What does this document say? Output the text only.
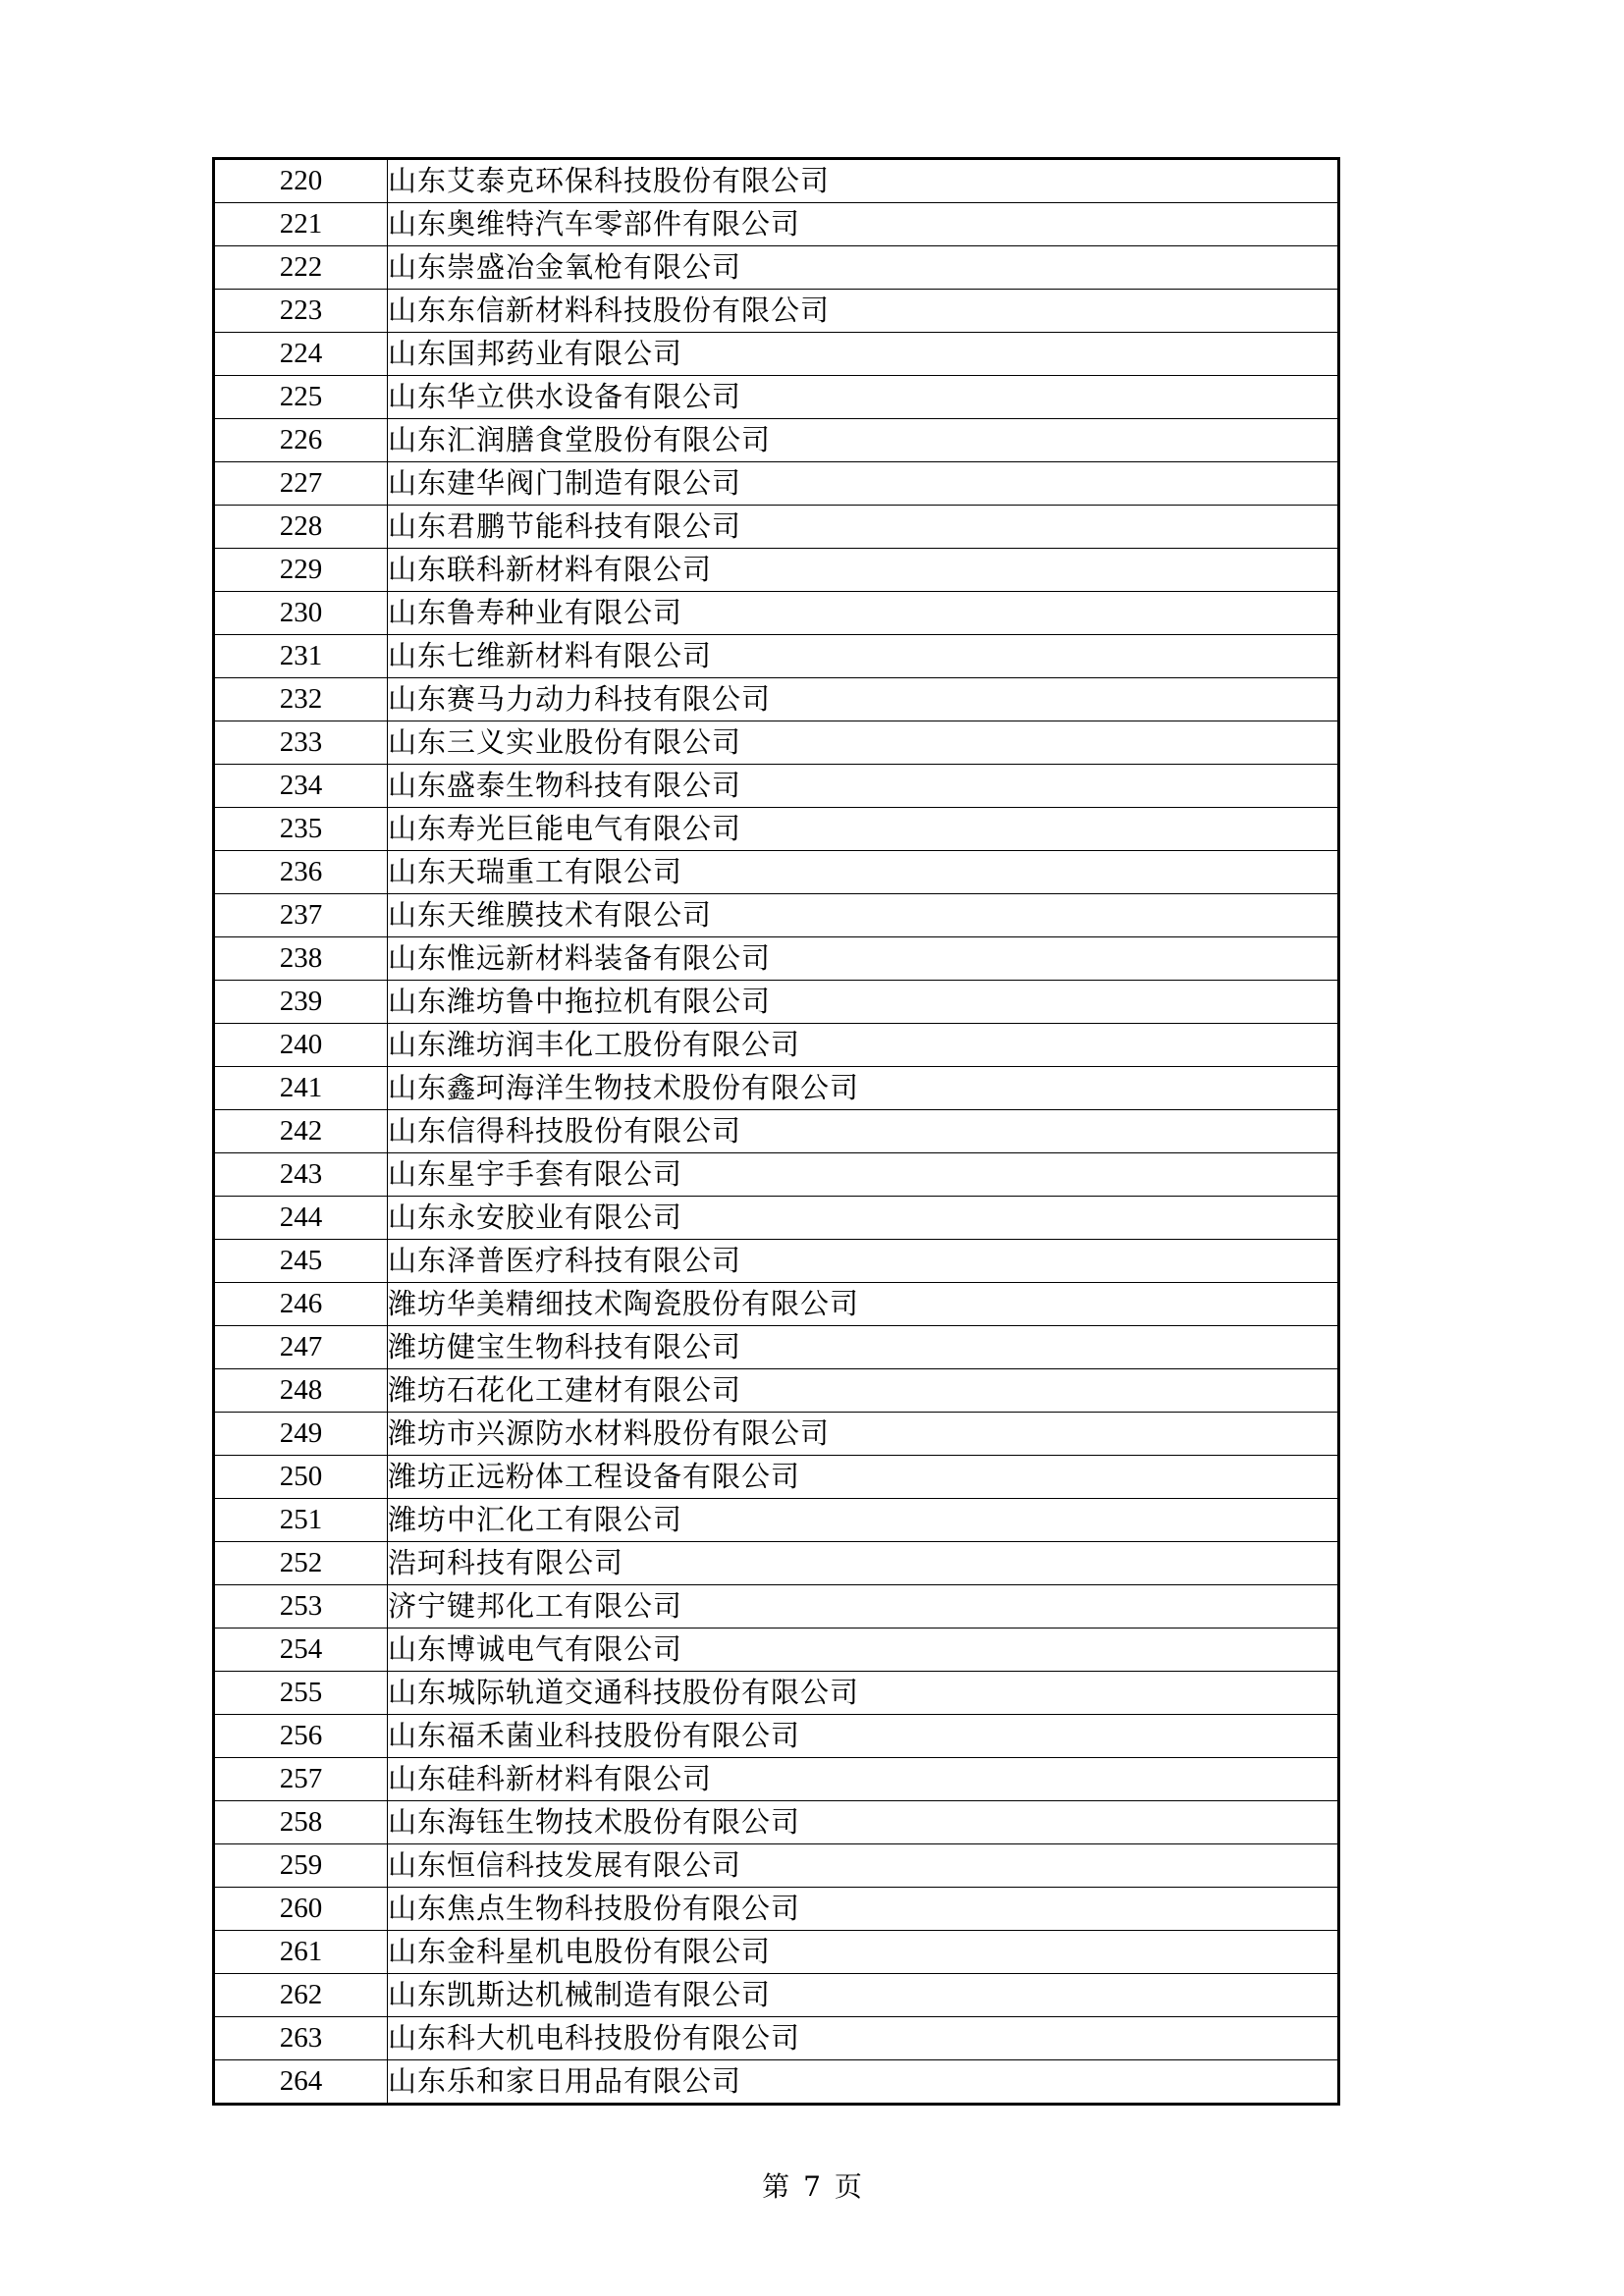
220	山东艾泰克环保科技股份有限公司
221	山东奥维特汽车零部件有限公司
222	山东崇盛冶金氧枪有限公司
223	山东东信新材料科技股份有限公司
224	山东国邦药业有限公司
225	山东华立供水设备有限公司
226	山东汇润膳食堂股份有限公司
227	山东建华阀门制造有限公司
228	山东君鹏节能科技有限公司
229	山东联科新材料有限公司
230	山东鲁寿种业有限公司
231	山东七维新材料有限公司
232	山东赛马力动力科技有限公司
233	山东三义实业股份有限公司
234	山东盛泰生物科技有限公司
235	山东寿光巨能电气有限公司
236	山东天瑞重工有限公司
237	山东天维膜技术有限公司
238	山东惟远新材料装备有限公司
239	山东潍坊鲁中拖拉机有限公司
240	山东潍坊润丰化工股份有限公司
241	山东鑫珂海洋生物技术股份有限公司
242	山东信得科技股份有限公司
243	山东星宇手套有限公司
244	山东永安胶业有限公司
245	山东泽普医疗科技有限公司
246	潍坊华美精细技术陶瓷股份有限公司
247	潍坊健宝生物科技有限公司
248	潍坊石花化工建材有限公司
249	潍坊市兴源防水材料股份有限公司
250	潍坊正远粉体工程设备有限公司
251	潍坊中汇化工有限公司
252	浩珂科技有限公司
253	济宁键邦化工有限公司
254	山东博诚电气有限公司
255	山东城际轨道交通科技股份有限公司
256	山东福禾菌业科技股份有限公司
257	山东硅科新材料有限公司
258	山东海钰生物技术股份有限公司
259	山东恒信科技发展有限公司
260	山东焦点生物科技股份有限公司
261	山东金科星机电股份有限公司
262	山东凯斯达机械制造有限公司
263	山东科大机电科技股份有限公司
264	山东乐和家日用品有限公司
第 7 页
